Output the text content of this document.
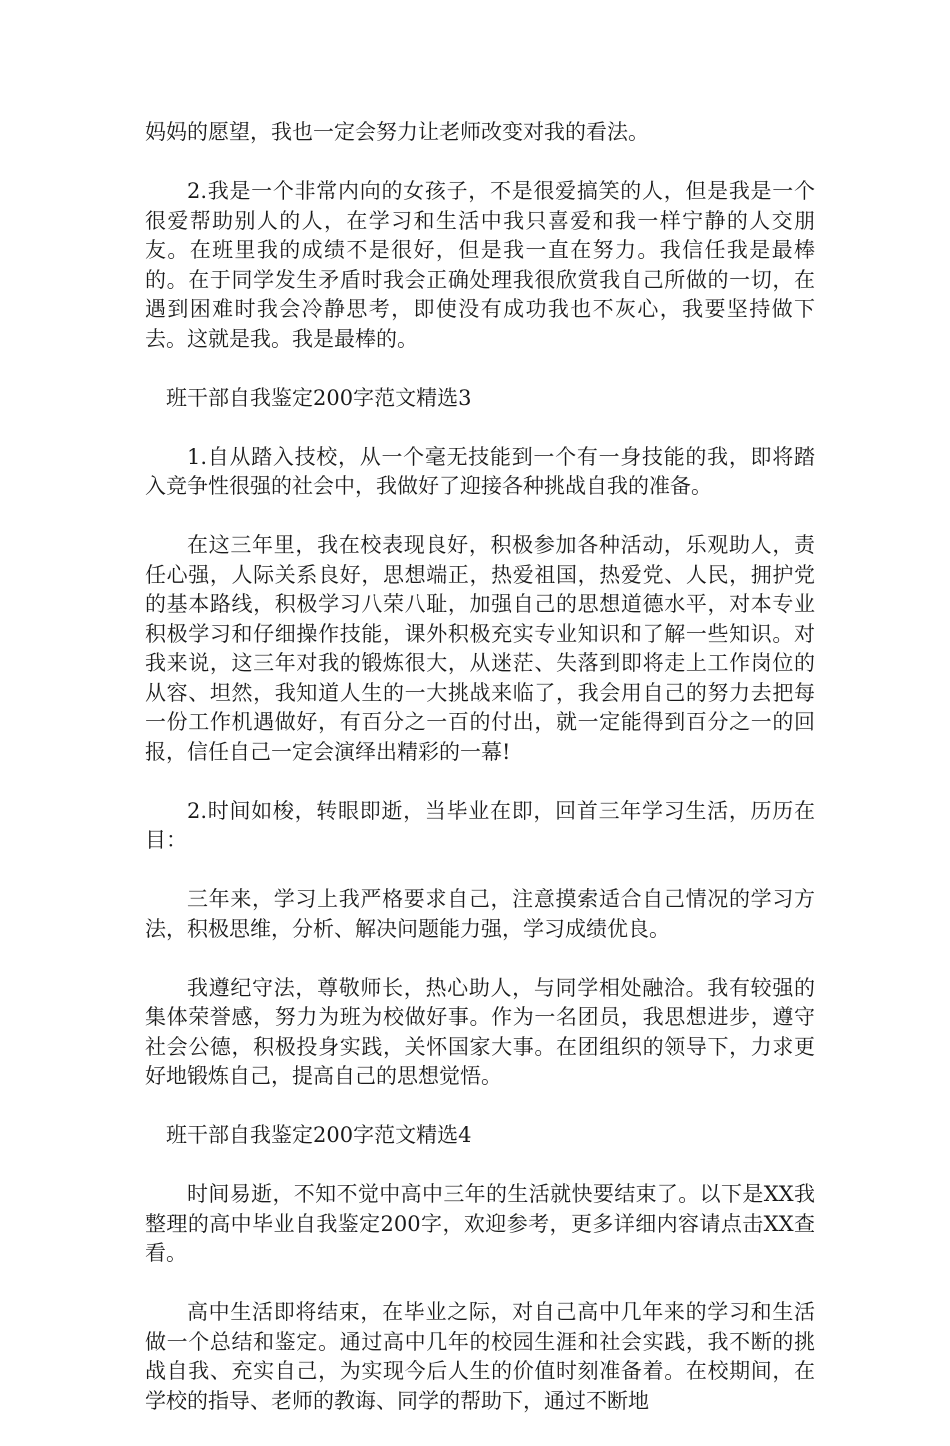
妈妈的愿望，我也一定会努力让老师改变对我的看法。

2.我是一个非常内向的女孩子，不是很爱搞笑的人，但是我是一个很爱帮助别人的人，在学习和生活中我只喜爱和我一样宁静的人交朋友。在班里我的成绩不是很好，但是我一直在努力。我信任我是最棒的。在于同学发生矛盾时我会正确处理我很欣赏我自己所做的一切，在遇到困难时我会冷静思考，即使没有成功我也不灰心，我要坚持做下去。这就是我。我是最棒的。

班干部自我鉴定200字范文精选3

1.自从踏入技校，从一个毫无技能到一个有一身技能的我，即将踏入竞争性很强的社会中，我做好了迎接各种挑战自我的准备。

在这三年里，我在校表现良好，积极参加各种活动，乐观助人，责任心强，人际关系良好，思想端正，热爱祖国，热爱党、人民，拥护党的基本路线，积极学习八荣八耻，加强自己的思想道德水平，对本专业积极学习和仔细操作技能，课外积极充实专业知识和了解一些知识。对我来说，这三年对我的锻炼很大，从迷茫、失落到即将走上工作岗位的从容、坦然，我知道人生的一大挑战来临了，我会用自己的努力去把每一份工作机遇做好，有百分之一百的付出，就一定能得到百分之一的回报，信任自己一定会演绎出精彩的一幕!

2.时间如梭，转眼即逝，当毕业在即，回首三年学习生活，历历在目：

三年来，学习上我严格要求自己，注意摸索适合自己情况的学习方法，积极思维，分析、解决问题能力强，学习成绩优良。

我遵纪守法，尊敬师长，热心助人，与同学相处融洽。我有较强的集体荣誉感，努力为班为校做好事。作为一名团员，我思想进步，遵守社会公德，积极投身实践，关怀国家大事。在团组织的领导下，力求更好地锻炼自己，提高自己的思想觉悟。

班干部自我鉴定200字范文精选4

时间易逝，不知不觉中高中三年的生活就快要结束了。以下是XX我整理的高中毕业自我鉴定200字，欢迎参考，更多详细内容请点击XX查看。

高中生活即将结束，在毕业之际，对自己高中几年来的学习和生活做一个总结和鉴定。通过高中几年的校园生涯和社会实践，我不断的挑战自我、充实自己，为实现今后人生的价值时刻准备着。在校期间，在学校的指导、老师的教诲、同学的帮助下，通过不断地
